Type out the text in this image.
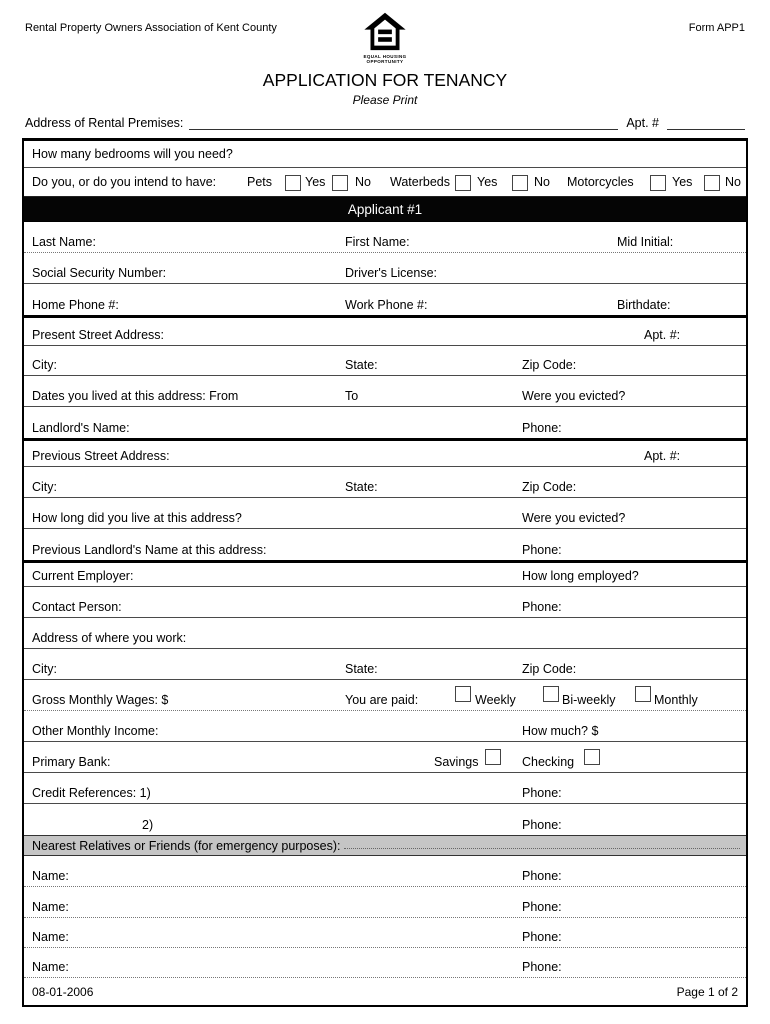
Rental Property Owners Association of Kent County	Form APP1
EQUAL HOUSING
OPPORTUNITY
APPLICATION FOR TENANCY
Please Print
Address of Rental Premises:	Apt. #
How many bedrooms will you need?
Do you, or do you intend to have: Pets	Yes No Waterbeds Yes	No Motorcycles	Yes	No
Applicant #1
Last Name:	First Name:	Mid Initial:
Social Security Number:	Driver's License:
Home Phone #:	Work Phone #:	Birthdate:
Present Street Address:	Apt. #:
City:	State:	Zip Code:
Dates you lived at this address: From	To	Were you evicted?
Landlord's Name:	Phone:
Previous Street Address:	Apt. #:
City:	State:	Zip Code:
How long did you live at this address?	Were you evicted?
Previous Landlord's Name at this address:	Phone:
Current Employer:	How long employed?
Contact Person:	Phone:
Address of where you work:
City:	State:	Zip Code:
Gross Monthly Wages: $	You are paid:	Weekly	Bi-weekly	Monthly
Other Monthly Income:	How much? $
Primary Bank:	Savings	Checking
Credit References: 1)	Phone:
2)	Phone:
Nearest Relatives or Friends (for emergency purposes):
Name:	Phone:
Name:	Phone:
Name:	Phone:
Name:	Phone:
08-01-2006	Page 1 of 2
